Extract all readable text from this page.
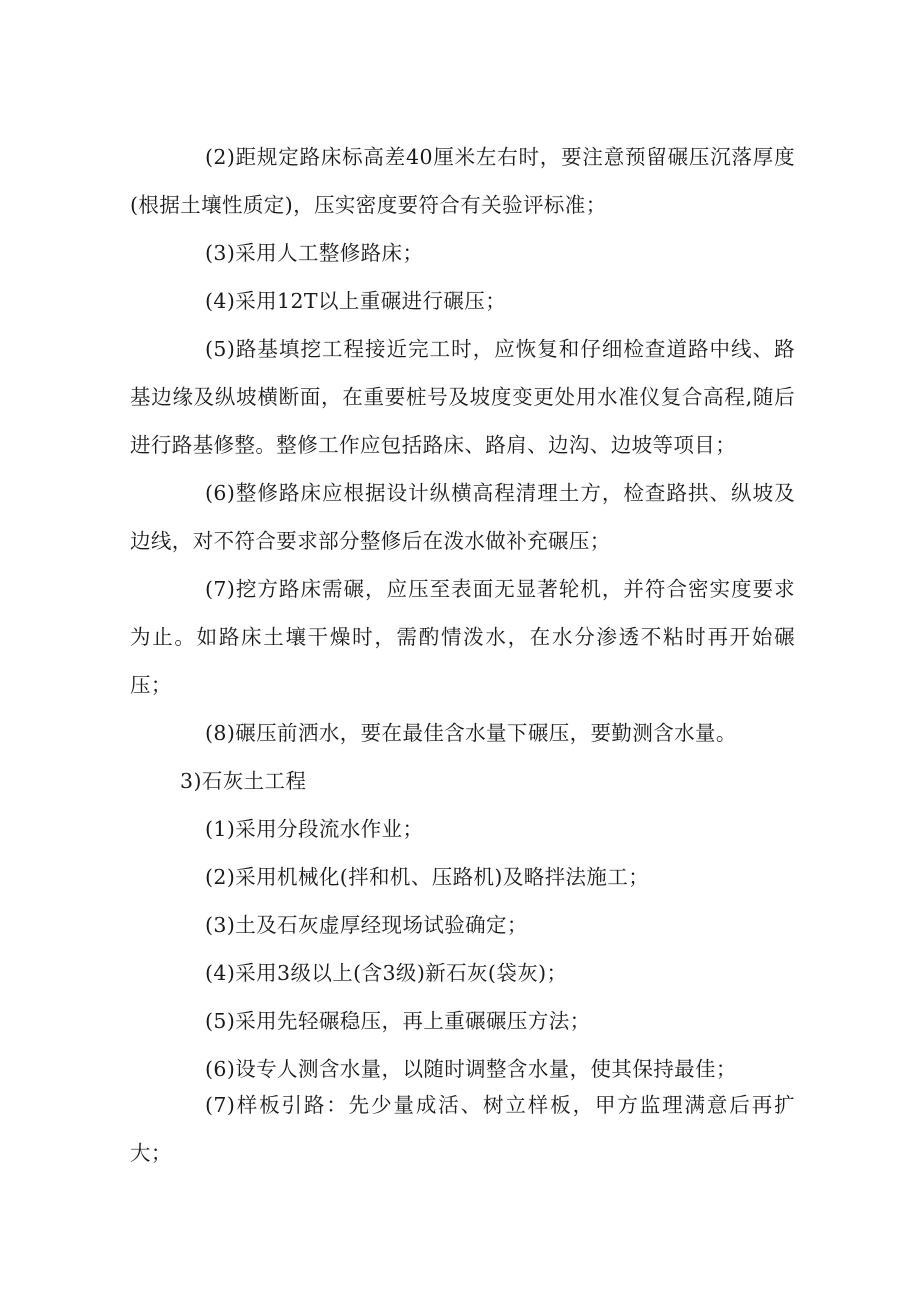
(2)距规定路床标高差40厘米左右时，要注意预留碾压沉落厚度(根据土壤性质定)，压实密度要符合有关验评标准；

(3)采用人工整修路床；

(4)采用12T以上重碾进行碾压；

(5)路基填挖工程接近完工时，应恢复和仔细检查道路中线、路基边缘及纵坡横断面，在重要桩号及坡度变更处用水准仪复合高程,随后进行路基修整。整修工作应包括路床、路肩、边沟、边坡等项目；

(6)整修路床应根据设计纵横高程清理土方，检查路拱、纵坡及边线，对不符合要求部分整修后在泼水做补充碾压；

(7)挖方路床需碾，应压至表面无显著轮机，并符合密实度要求为止。如路床土壤干燥时，需酌情泼水，在水分渗透不粘时再开始碾压；

(8)碾压前洒水，要在最佳含水量下碾压，要勤测含水量。

3)石灰土工程

(1)采用分段流水作业；

(2)采用机械化(拌和机、压路机)及略拌法施工；

(3)土及石灰虚厚经现场试验确定；

(4)采用3级以上(含3级)新石灰(袋灰)；

(5)采用先轻碾稳压，再上重碾碾压方法；

(6)设专人测含水量，以随时调整含水量，使其保持最佳；

(7)样板引路：先少量成活、树立样板，甲方监理满意后再扩大；
